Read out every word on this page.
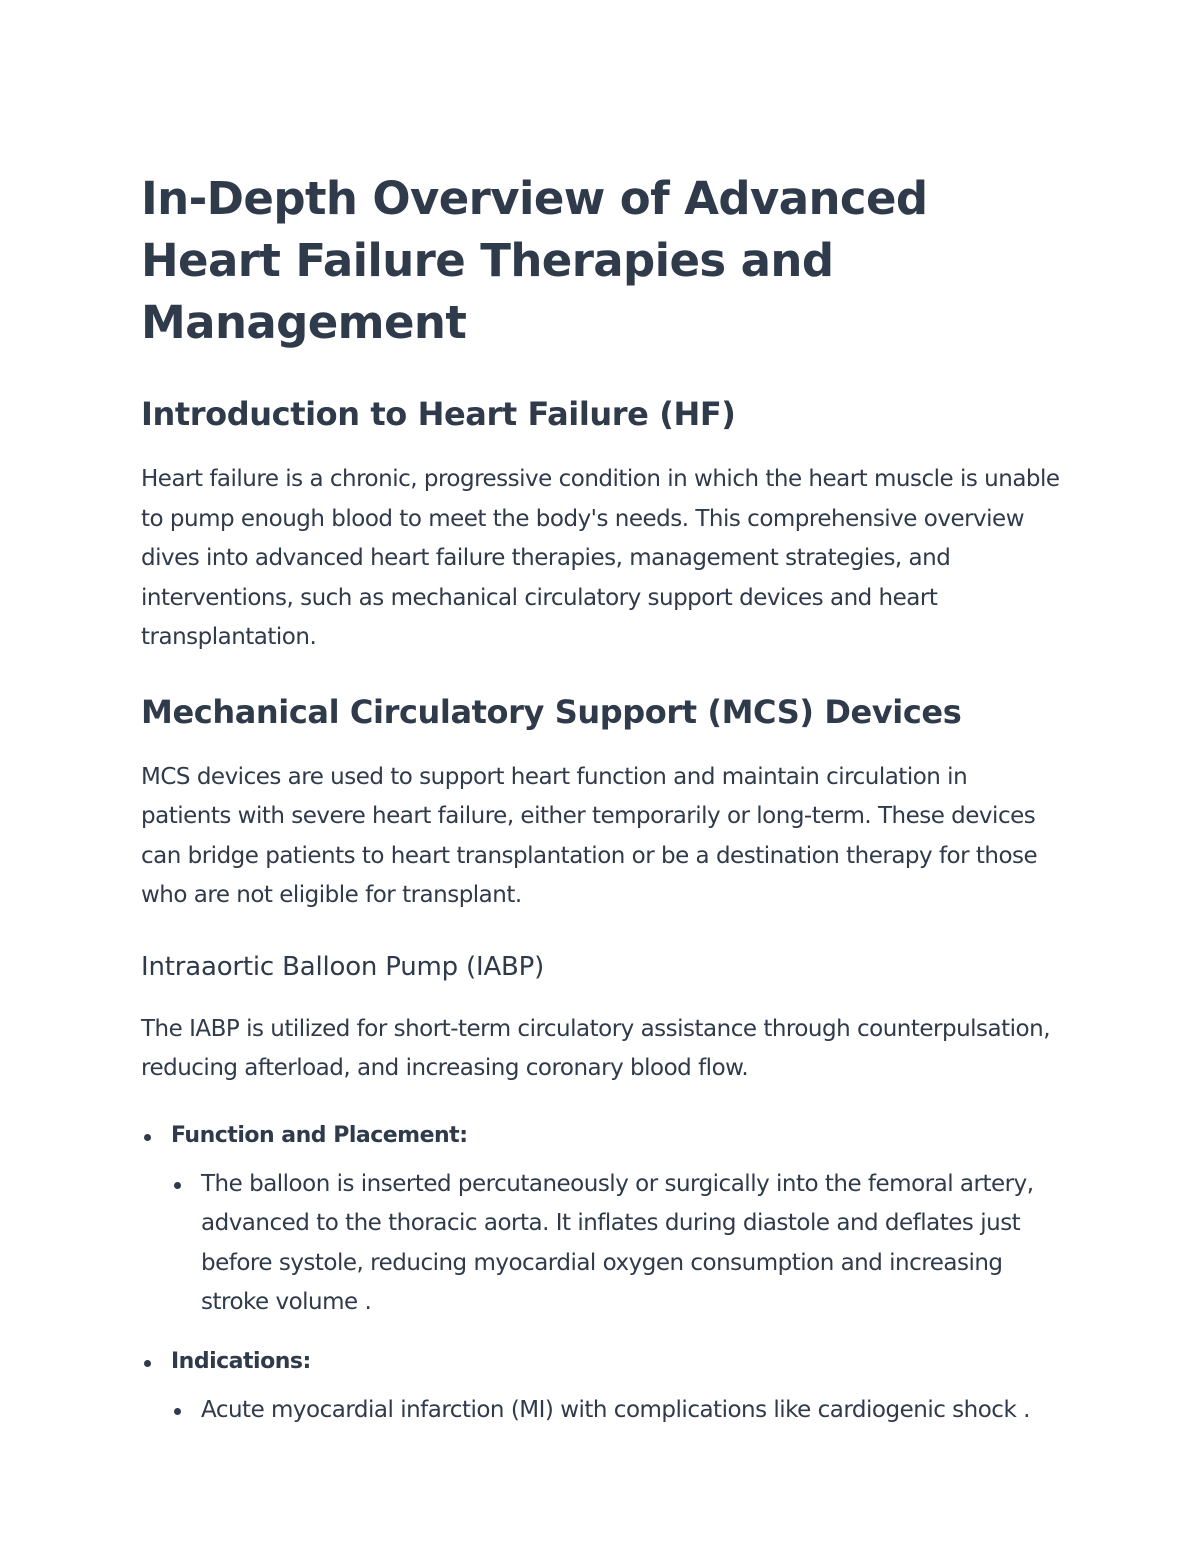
In-Depth Overview of Advanced Heart Failure Therapies and Management
Introduction to Heart Failure (HF)

Heart failure is a chronic, progressive condition in which the heart muscle is unable to pump enough blood to meet the body's needs. This comprehensive overview dives into advanced heart failure therapies, management strategies, and interventions, such as mechanical circulatory support devices and heart transplantation.

Mechanical Circulatory Support (MCS) Devices

MCS devices are used to support heart function and maintain circulation in patients with severe heart failure, either temporarily or long-term. These devices can bridge patients to heart transplantation or be a destination therapy for those who are not eligible for transplant.

Intraaortic Balloon Pump (IABP)

The IABP is utilized for short-term circulatory assistance through counterpulsation, reducing afterload, and increasing coronary blood flow.

Function and Placement:
The balloon is inserted percutaneously or surgically into the femoral artery, advanced to the thoracic aorta. It inflates during diastole and deflates just before systole, reducing myocardial oxygen consumption and increasing stroke volume .
Indications:
Acute myocardial infarction (MI) with complications like cardiogenic shock .
